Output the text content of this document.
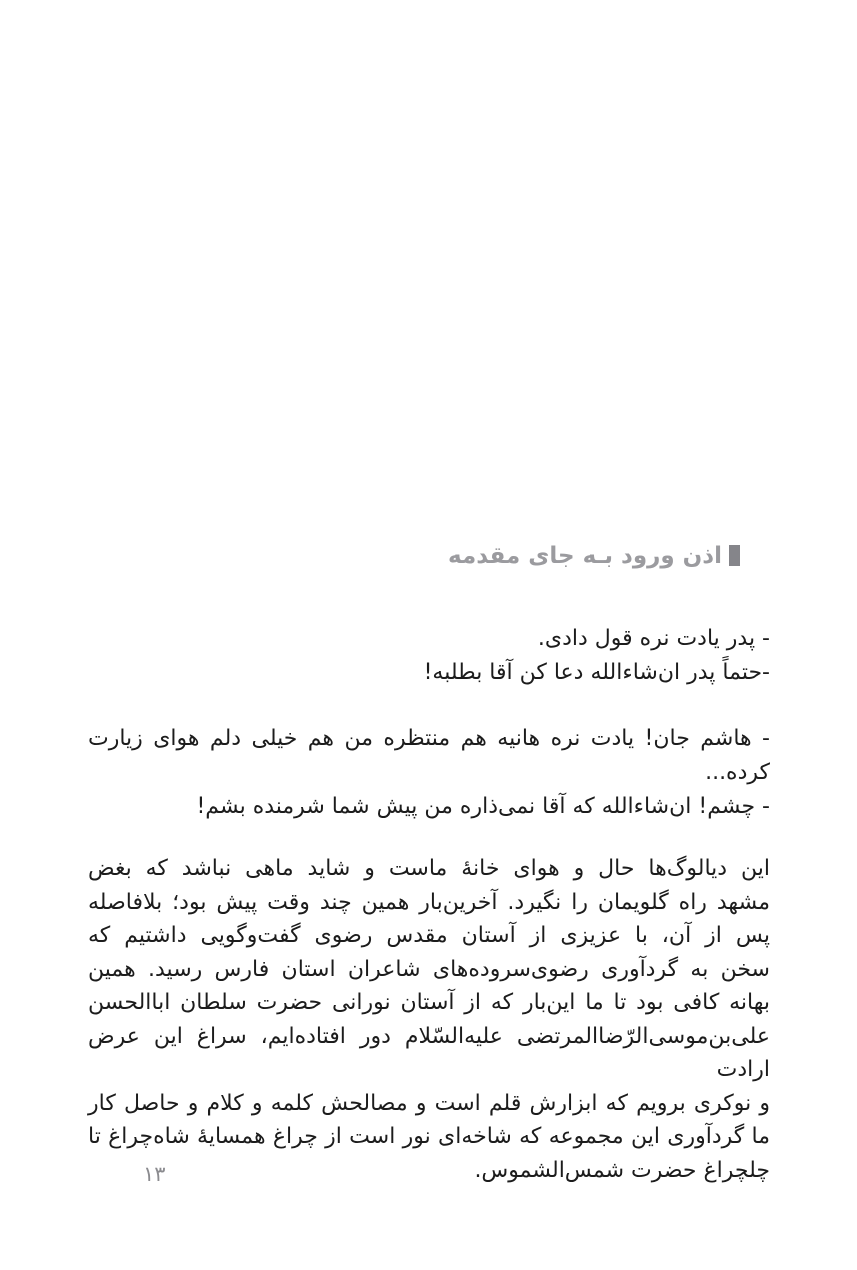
اذن ورود بـه جای مقدمه
- پدر یادت نره قول دادی.
-حتماً پدر ان‌شاءالله دعا کن آقا بطلبه!
- هاشم جان! یادت نره هانیه هم منتظره من هم خیلی دلم هوای زیارت
کرده...
- چشم! ان‌شاءالله که آقا نمی‌ذاره من پیش شما شرمنده بشم!
این دیالوگ‌ها حال و هوای خانهٔ ماست و شاید ماهی نباشد که بغض
مشهد راه گلویمان را نگیرد. آخرین‌بار همین چند وقت پیش بود؛ بلافاصله
پس از آن، با عزیزی از آستان مقدس رضوی گفت‌وگویی داشتیم که
سخن به گردآوری رضوی‌سروده‌های شاعران استان فارس رسید. همین
بهانه کافی بود تا ما این‌بار که از آستان نورانی حضرت سلطان اباالحسن
علی‌بن‌موسی‌الرّضاالمرتضی علیه‌السّلام دور افتاده‌ایم، سراغ این عرض ارادت
و نوکری برویم که ابزارش قلم است و مصالحش کلمه و کلام و حاصل کار
ما گردآوری این مجموعه که شاخه‌ای نور است از چراغ همسایهٔ شاه‌چراغ تا
چلچراغ حضرت شمس‌الشموس.
۱۳
